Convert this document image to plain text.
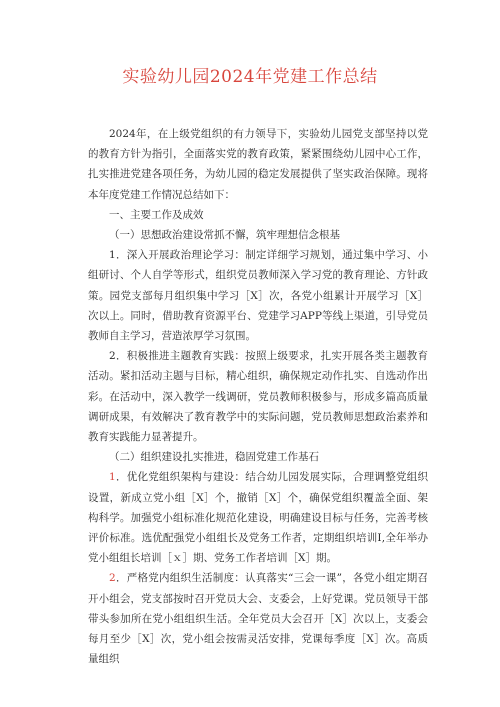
实验幼儿园2024年党建工作总结

2024年，在上级党组织的有力领导下，实验幼儿园党支部坚持以党的教育方针为指引，全面落实党的教育政策，紧紧围绕幼儿园中心工作，扎实推进党建各项任务，为幼儿园的稳定发展提供了坚实政治保障。现将本年度党建工作情况总结如下：

一、主要工作及成效

（一）思想政治建设常抓不懈，筑牢理想信念根基

1．深入开展政治理论学习：制定详细学习规划，通过集中学习、小组研讨、个人自学等形式，组织党员教师深入学习党的教育理论、方针政策。园党支部每月组织集中学习［X］次，各党小组累计开展学习［X］次以上。同时，借助教育资源平台、党建学习APP等线上渠道，引导党员教师自主学习，营造浓厚学习氛围。

2．积极推进主题教育实践：按照上级要求，扎实开展各类主题教育活动。紧扣活动主题与目标，精心组织，确保规定动作扎实、自选动作出彩。在活动中，深入教学一线调研，党员教师积极参与，形成多篇高质量调研成果，有效解决了教育教学中的实际问题，党员教师思想政治素养和教育实践能力显著提升。

（二）组织建设扎实推进，稳固党建工作基石

1．优化党组织架构与建设：结合幼儿园发展实际，合理调整党组织设置，新成立党小组［X］个，撤销［X］个，确保党组织覆盖全面、架构科学。加强党小组标准化规范化建设，明确建设目标与任务，完善考核评价标准。选优配强党小组组长及党务工作者，定期组织培训Ⅰ,全年举办党小组组长培训［ｘ］期、党务工作者培训［X］期。

2．严格党内组织生活制度：认真落实“三会一课”，各党小组定期召开小组会，党支部按时召开党员大会、支委会，上好党课。党员领导干部带头参加所在党小组组织生活。全年党员大会召开［X］次以上，支委会每月至少［X］次，党小组会按需灵活安排，党课每季度［X］次。高质量组织
